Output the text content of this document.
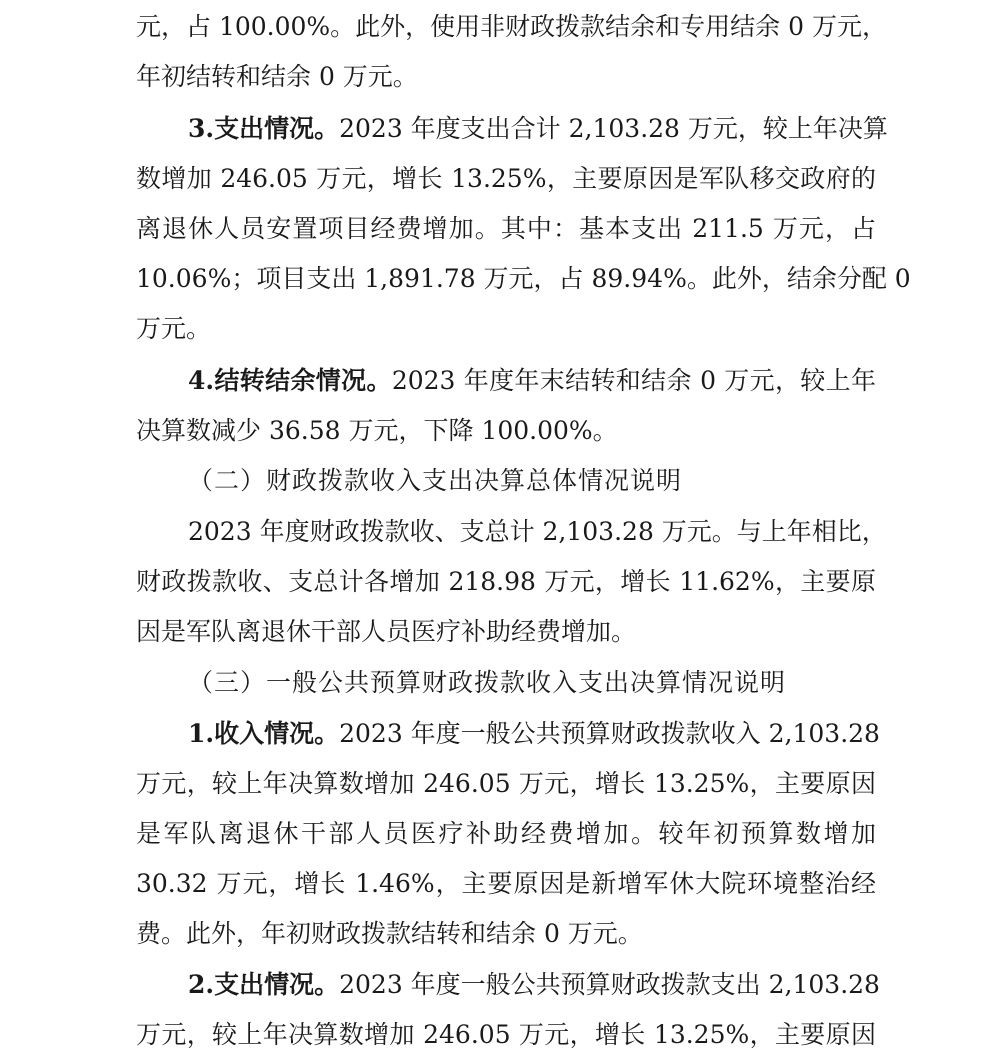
元，占 100.00%。此外，使用非财政拨款结余和专用结余 0 万元，
年初结转和结余 0 万元。
3.支出情况。2023 年度支出合计 2,103.28 万元，较上年决算
数增加 246.05 万元，增长 13.25%，主要原因是军队移交政府的
离退休人员安置项目经费增加。其中：基本支出 211.5 万元，占
10.06%；项目支出 1,891.78 万元，占 89.94%。此外，结余分配 0
万元。
4.结转结余情况。2023 年度年末结转和结余 0 万元，较上年
决算数减少 36.58 万元，下降 100.00%。
（二）财政拨款收入支出决算总体情况说明
2023 年度财政拨款收、支总计 2,103.28 万元。与上年相比，
财政拨款收、支总计各增加 218.98 万元，增长 11.62%，主要原
因是军队离退休干部人员医疗补助经费增加。
（三）一般公共预算财政拨款收入支出决算情况说明
1.收入情况。2023 年度一般公共预算财政拨款收入 2,103.28
万元，较上年决算数增加 246.05 万元，增长 13.25%，主要原因
是军队离退休干部人员医疗补助经费增加。较年初预算数增加
30.32 万元，增长 1.46%，主要原因是新增军休大院环境整治经
费。此外，年初财政拨款结转和结余 0 万元。
2.支出情况。2023 年度一般公共预算财政拨款支出 2,103.28
万元，较上年决算数增加 246.05 万元，增长 13.25%，主要原因
